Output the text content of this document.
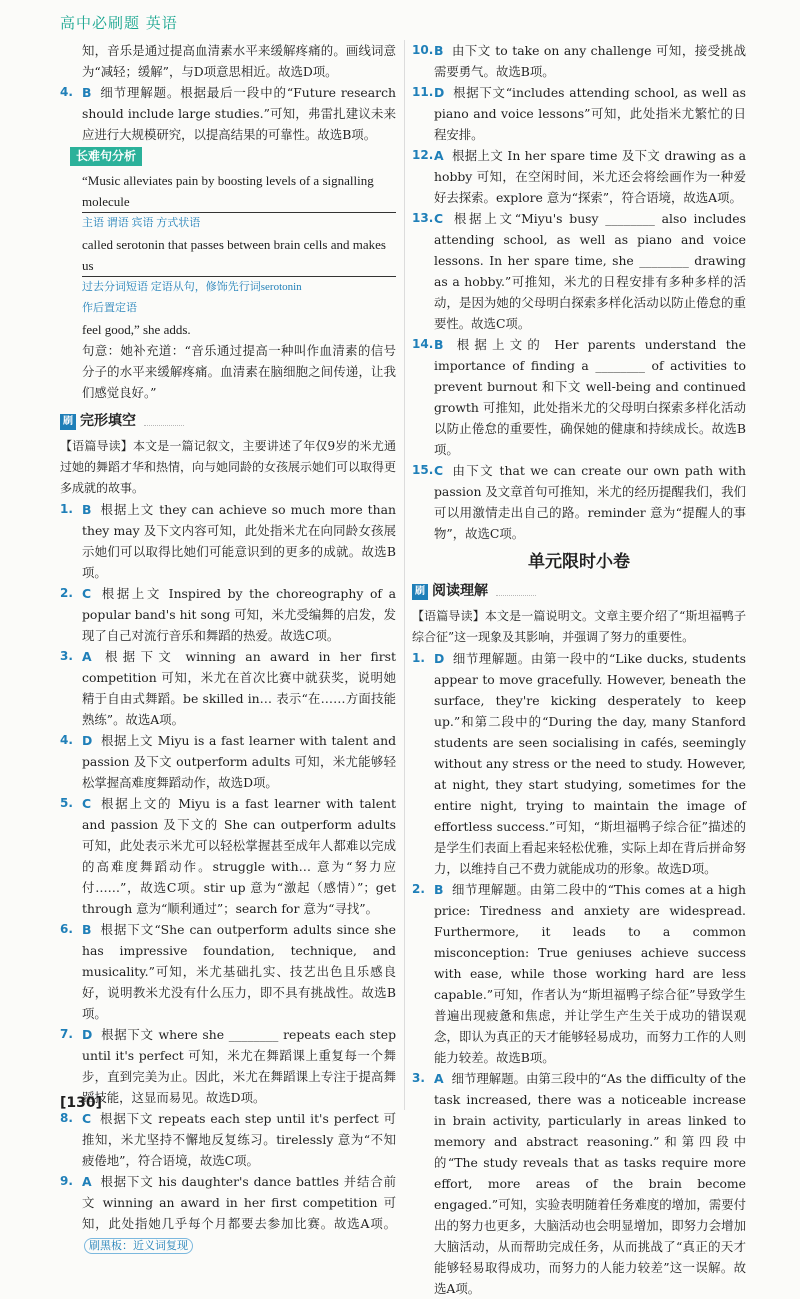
高中必刷题 英语

知，音乐是通过提高血清素水平来缓解疼痛的。画线词意为“减轻；缓解”，与D项意思相近。故选D项。

4. B 细节理解题。根据最后一段中的“Future research should include large studies.”可知，弗雷扎建议未来应进行大规模研究，以提高结果的可靠性。故选B项。
长难句分析
“Music alleviates pain by boosting levels of a signalling molecule
主语 谓语 宾语 方式状语
called serotonin that passes between brain cells and makes us
过去分词短语 定语从句，修饰先行词serotonin
作后置定语
feel good,” she adds.

句意：她补充道：“音乐通过提高一种叫作血清素的信号分子的水平来缓解疼痛。血清素在脑细胞之间传递，让我们感觉良好。”

刷 完形填空

【语篇导读】本文是一篇记叙文，主要讲述了年仅9岁的米尤通过她的舞蹈才华和热情，向与她同龄的女孩展示她们可以取得更多成就的故事。

1. B 根据上文 they can achieve so much more than they may 及下文内容可知，此处指米尤在向同龄女孩展示她们可以取得比她们可能意识到的更多的成就。故选B项。
2. C 根据上文 Inspired by the choreography of a popular band's hit song 可知，米尤受编舞的启发，发现了自己对流行音乐和舞蹈的热爱。故选C项。
3. A 根据下文 winning an award in her first competition 可知，米尤在首次比赛中就获奖，说明她精于自由式舞蹈。be skilled in… 表示“在……方面技能熟练”。故选A项。
4. D 根据上文 Miyu is a fast learner with talent and passion 及下文 outperform adults 可知，米尤能够轻松掌握高难度舞蹈动作，故选D项。
5. C 根据上文的 Miyu is a fast learner with talent and passion 及下文的 She can outperform adults 可知，此处表示米尤可以轻松掌握甚至成年人都难以完成的高难度舞蹈动作。struggle with… 意为“努力应付……”，故选C项。stir up 意为“激起（感情）”；get through 意为“顺利通过”；search for 意为“寻找”。
6. B 根据下文“She can outperform adults since she has impressive foundation, technique, and musicality.”可知，米尤基础扎实、技艺出色且乐感良好，说明教米尤没有什么压力，即不具有挑战性。故选B项。
7. D 根据下文 where she ________ repeats each step until it's perfect 可知，米尤在舞蹈课上重复每一个舞步，直到完美为止。因此，米尤在舞蹈课上专注于提高舞蹈技能，这显而易见。故选D项。
8. C 根据下文 repeats each step until it's perfect 可推知，米尤坚持不懈地反复练习。tirelessly 意为“不知疲倦地”，符合语境，故选C项。
9. A 根据下文 his daughter's dance battles 并结合前文 winning an award in her first competition 可知，此处指她几乎每个月都要去参加比赛。故选A项。 刷黑板：近义词复现
10. B 由下文 to take on any challenge 可知，接受挑战需要勇气。故选B项。
11. D 根据下文“includes attending school, as well as piano and voice lessons”可知，此处指米尤繁忙的日程安排。
12. A 根据上文 In her spare time 及下文 drawing as a hobby 可知，在空闲时间，米尤还会将绘画作为一种爱好去探索。explore 意为“探索”，符合语境，故选A项。
13. C 根据上文“Miyu's busy ________ also includes attending school, as well as piano and voice lessons. In her spare time, she ________ drawing as a hobby.”可推知，米尤的日程安排有多种多样的活动，是因为她的父母明白探索多样化活动以防止倦怠的重要性。故选C项。
14. B 根据上文的 Her parents understand the importance of finding a ________ of activities to prevent burnout 和下文 well-being and continued growth 可推知，此处指米尤的父母明白探索多样化活动以防止倦怠的重要性，确保她的健康和持续成长。故选B项。
15. C 由下文 that we can create our own path with passion 及文章首句可推知，米尤的经历提醒我们，我们可以用激情走出自己的路。reminder 意为“提醒人的事物”，故选C项。
单元限时小卷
刷 阅读理解

【语篇导读】本文是一篇说明文。文章主要介绍了“斯坦福鸭子综合征”这一现象及其影响，并强调了努力的重要性。

1. D 细节理解题。由第一段中的“Like ducks, students appear to move gracefully. However, beneath the surface, they're kicking desperately to keep up.”和第二段中的“During the day, many Stanford students are seen socialising in cafés, seemingly without any stress or the need to study. However, at night, they start studying, sometimes for the entire night, trying to maintain the image of effortless success.”可知，“斯坦福鸭子综合征”描述的是学生们表面上看起来轻松优雅，实际上却在背后拼命努力，以维持自己不费力就能成功的形象。故选D项。
2. B 细节理解题。由第二段中的“This comes at a high price: Tiredness and anxiety are widespread. Furthermore, it leads to a common misconception: True geniuses achieve success with ease, while those working hard are less capable.”可知，作者认为“斯坦福鸭子综合征”导致学生普遍出现疲惫和焦虑，并让学生产生关于成功的错误观念，即认为真正的天才能够轻易成功，而努力工作的人则能力较差。故选B项。
3. A 细节理解题。由第三段中的“As the difficulty of the task increased, there was a noticeable increase in brain activity, particularly in areas linked to memory and abstract reasoning.”和第四段中的“The study reveals that as tasks require more effort, more areas of the brain become engaged.”可知，实验表明随着任务难度的增加，需要付出的努力也更多，大脑活动也会明显增加，即努力会增加大脑活动，从而帮助完成任务，从而挑战了“真正的天才能够轻易取得成功，而努力的人能力较差”这一误解。故选A项。
[130]
